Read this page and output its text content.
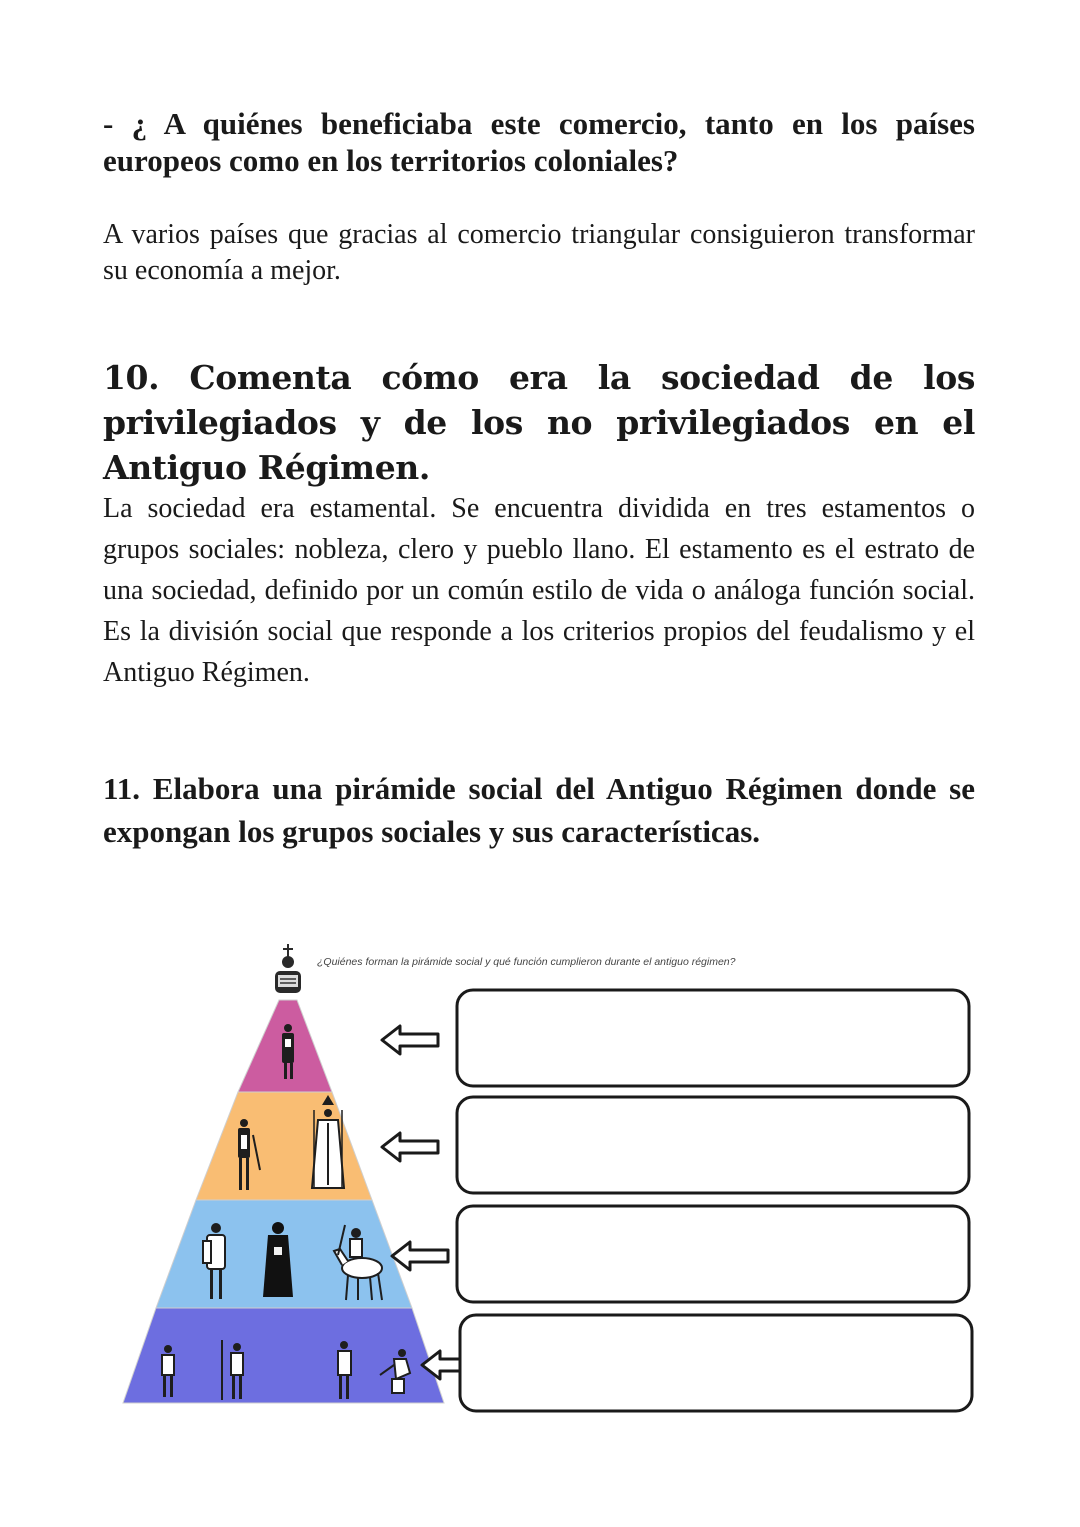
- ¿ A quiénes beneficiaba este comercio, tanto en los países europeos como en los territorios coloniales?

A varios países que gracias al comercio triangular consiguieron transformar su economía a mejor.

10. Comenta cómo era la sociedad de los privilegiados y de los no privilegiados en el Antiguo Régimen.

La sociedad era estamental. Se encuentra dividida en tres estamentos o grupos sociales: nobleza, clero y pueblo llano. El estamento es el estrato de una sociedad, definido por un común estilo de vida o análoga función social. Es la división social que responde a los criterios propios del feudalismo y el Antiguo Régimen.

11. Elabora una pirámide social del Antiguo Régimen donde se expongan los grupos sociales y sus características.

¿Quiénes forman la pirámide social y qué función cumplieron durante el antiguo régimen?
